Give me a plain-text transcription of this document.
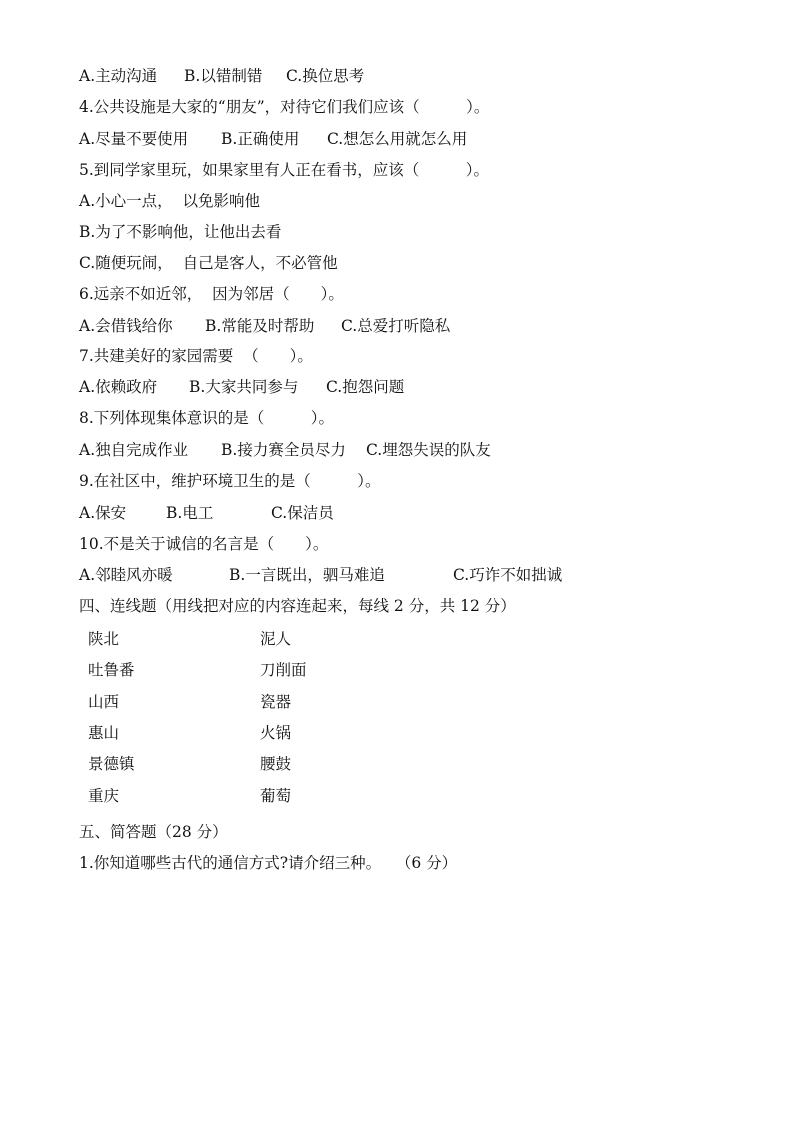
A.主动沟通 B.以错制错 C.换位思考
4.公共设施是大家的“朋友”，对待它们我们应该（　　　）。
A.尽量不要使用 B.正确使用 C.想怎么用就怎么用
5.到同学家里玩，如果家里有人正在看书，应该（　　　）。
A.小心一点，  以免影响他
B.为了不影响他，让他出去看
C.随便玩闹，  自己是客人，不必管他
6.远亲不如近邻，  因为邻居（　　）。
A.会借钱给你 B.常能及时帮助 C.总爱打听隐私
7.共建美好的家园需要  （　　）。
A.依赖政府 B.大家共同参与 C.抱怨问题
8.下列体现集体意识的是（　　　）。
A.独自完成作业 B.接力赛全员尽力 C.埋怨失误的队友
9.在社区中，维护环境卫生的是（　　　）。
A.保安	B.电工	C.保洁员
10.不是关于诚信的名言是（　　）。
A.邻睦风亦暖	B.一言既出，驷马难追	C.巧诈不如拙诚
四、连线题（用线把对应的内容连起来，每线 2 分，共 12 分）
陕北	泥人
吐鲁番	刀削面
山西	瓷器
惠山	火锅
景德镇	腰鼓
重庆	葡萄
五、简答题（28 分）
1.你知道哪些古代的通信方式?请介绍三种。   （6 分）
